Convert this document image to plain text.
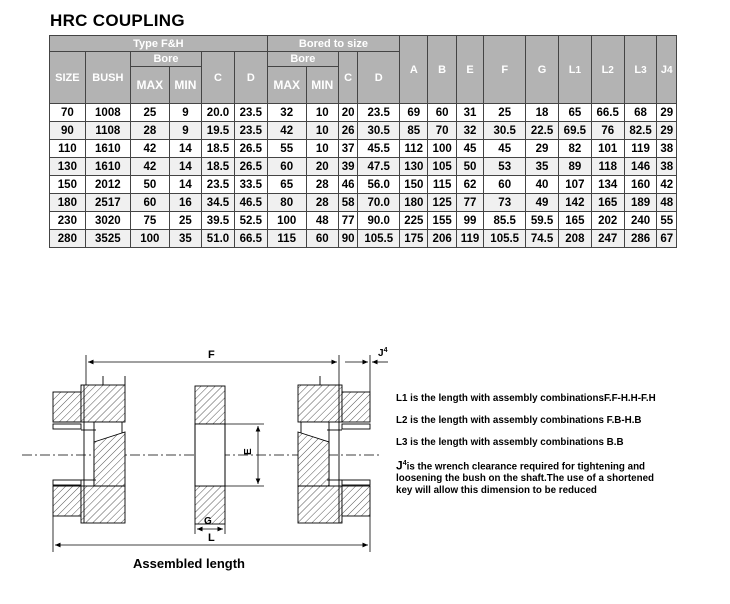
HRC COUPLING
Type F&H						Bored to size				A	B	E	F	G	L1	L2	L3	J4
SIZE	BUSH	Bore		C	D	Bore		C	D									
		MAX	MIN			MAX	MIN											
70	1008	25	9	20.0	23.5	32	10	20	23.5	69	60	31	25	18	65	66.5	68	29
90	1108	28	9	19.5	23.5	42	10	26	30.5	85	70	32	30.5	22.5	69.5	76	82.5	29
110	1610	42	14	18.5	26.5	55	10	37	45.5	112	100	45	45	29	82	101	119	38
130	1610	42	14	18.5	26.5	60	20	39	47.5	130	105	50	53	35	89	118	146	38
150	2012	50	14	23.5	33.5	65	28	46	56.0	150	115	62	60	40	107	134	160	42
180	2517	60	16	34.5	46.5	80	28	58	70.0	180	125	77	73	49	142	165	189	48
230	3020	75	25	39.5	52.5	100	48	77	90.0	225	155	99	85.5	59.5	165	202	240	55
280	3525	100	35	51.0	66.5	115	60	90	105.5	175	206	119	105.5	74.5	208	247	286	67
F	$J^4$
E
G
L
Assembled length
L1 is the length with assembly combinationsF.F-H.H-F.H
L2 is the length with assembly combinations F.B-H.B
L3 is the length with assembly combinations B.B
$J^4is$ the wrench clearance required for tightening and
loosening the bush on the shaft.The use of a shortened
key will allow this dimension to be reduced
